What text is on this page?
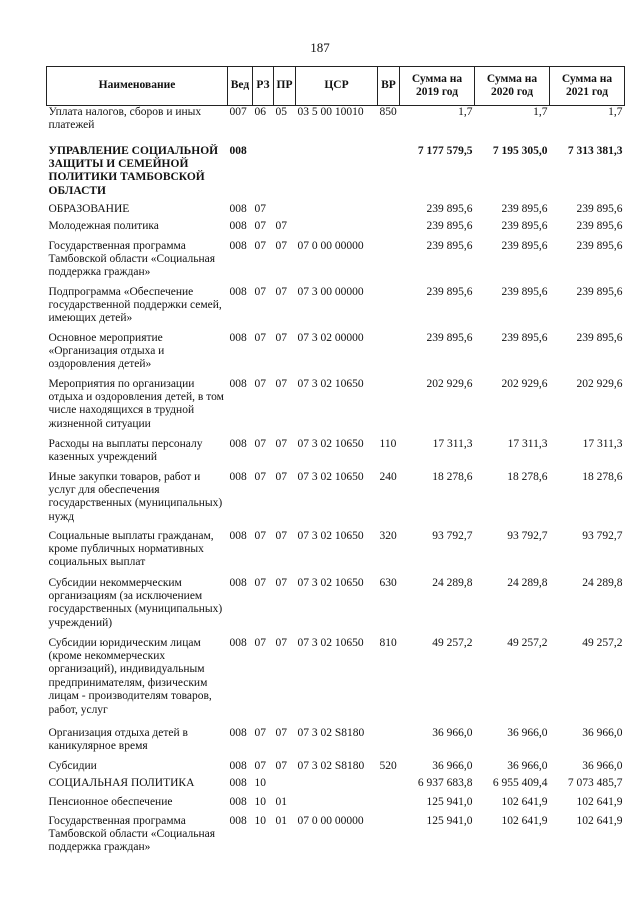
187
Наименование	Вед	РЗ	ПР	ЦСР	ВР	Сумма на 2019 год	Сумма на 2020 год	Сумма на 2021 год
Уплата налогов, сборов и иных платежей	007	06	05	03 5 00 10010	850	1,7	1,7	1,7
УПРАВЛЕНИЕ СОЦИАЛЬНОЙ ЗАЩИТЫ И СЕМЕЙНОЙ ПОЛИТИКИ ТАМБОВСКОЙ ОБЛАСТИ	008					7 177 579,5	7 195 305,0	7 313 381,3
ОБРАЗОВАНИЕ	008	07				239 895,6	239 895,6	239 895,6
Молодежная политика	008	07	07			239 895,6	239 895,6	239 895,6
Государственная программа Тамбовской области «Социальная поддержка граждан»	008	07	07	07 0 00 00000		239 895,6	239 895,6	239 895,6
Подпрограмма «Обеспечение государственной поддержки семей, имеющих детей»	008	07	07	07 3 00 00000		239 895,6	239 895,6	239 895,6
Основное мероприятие «Организация отдыха и оздоровления детей»	008	07	07	07 3 02 00000		239 895,6	239 895,6	239 895,6
Мероприятия по организации отдыха и оздоровления детей, в том числе находящихся в трудной жизненной ситуации	008	07	07	07 3 02 10650		202 929,6	202 929,6	202 929,6
Расходы на выплаты персоналу казенных учреждений	008	07	07	07 3 02 10650	110	17 311,3	17 311,3	17 311,3
Иные закупки товаров, работ и услуг для обеспечения государственных (муниципальных) нужд	008	07	07	07 3 02 10650	240	18 278,6	18 278,6	18 278,6
Социальные выплаты гражданам, кроме публичных нормативных социальных выплат	008	07	07	07 3 02 10650	320	93 792,7	93 792,7	93 792,7
Субсидии некоммерческим организациям (за исключением государственных (муниципальных) учреждений)	008	07	07	07 3 02 10650	630	24 289,8	24 289,8	24 289,8
Субсидии юридическим лицам (кроме некоммерческих организаций), индивидуальным предпринимателям, физическим лицам - производителям товаров, работ, услуг	008	07	07	07 3 02 10650	810	49 257,2	49 257,2	49 257,2
Организация отдыха детей в каникулярное время	008	07	07	07 3 02 S8180		36 966,0	36 966,0	36 966,0
Субсидии	008	07	07	07 3 02 S8180	520	36 966,0	36 966,0	36 966,0
СОЦИАЛЬНАЯ ПОЛИТИКА	008	10				6 937 683,8	6 955 409,4	7 073 485,7
Пенсионное обеспечение	008	10	01			125 941,0	102 641,9	102 641,9
Государственная программа Тамбовской области «Социальная поддержка граждан»	008	10	01	07 0 00 00000		125 941,0	102 641,9	102 641,9
